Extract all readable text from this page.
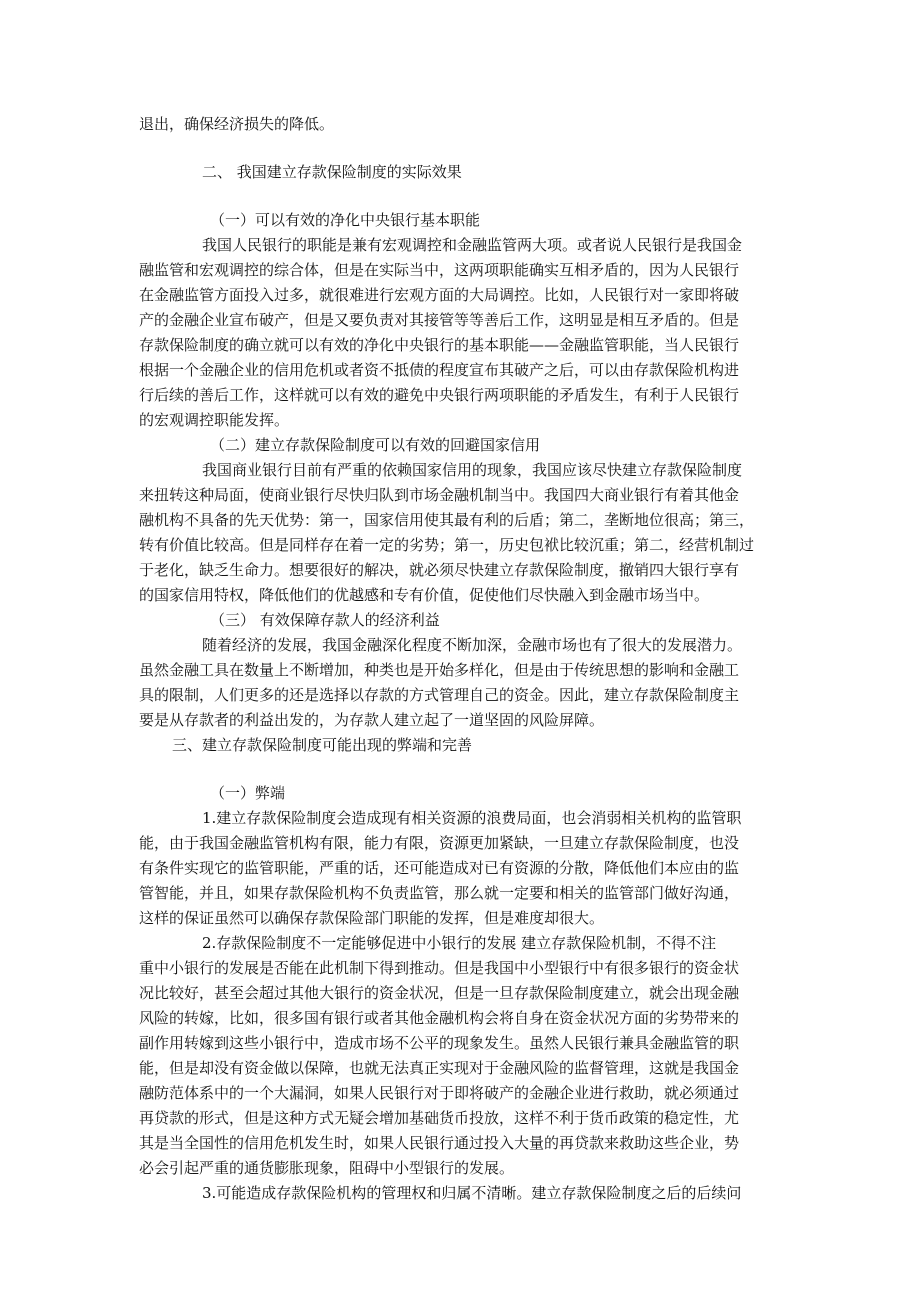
退出，确保经济损失的降低。
二、 我国建立存款保险制度的实际效果
（一）可以有效的净化中央银行基本职能
我国人民银行的职能是兼有宏观调控和金融监管两大项。或者说人民银行是我国金
融监管和宏观调控的综合体，但是在实际当中，这两项职能确实互相矛盾的，因为人民银行
在金融监管方面投入过多，就很难进行宏观方面的大局调控。比如，人民银行对一家即将破
产的金融企业宣布破产，但是又要负责对其接管等等善后工作，这明显是相互矛盾的。但是
存款保险制度的确立就可以有效的净化中央银行的基本职能——金融监管职能，当人民银行
根据一个金融企业的信用危机或者资不抵债的程度宣布其破产之后，可以由存款保险机构进
行后续的善后工作，这样就可以有效的避免中央银行两项职能的矛盾发生，有利于人民银行
的宏观调控职能发挥。
（二）建立存款保险制度可以有效的回避国家信用
我国商业银行目前有严重的依赖国家信用的现象，我国应该尽快建立存款保险制度
来扭转这种局面，使商业银行尽快归队到市场金融机制当中。我国四大商业银行有着其他金
融机构不具备的先天优势：第一，国家信用使其最有利的后盾；第二，垄断地位很高；第三，
转有价值比较高。但是同样存在着一定的劣势；第一，历史包袱比较沉重；第二，经营机制过
于老化，缺乏生命力。想要很好的解决，就必须尽快建立存款保险制度，撤销四大银行享有
的国家信用特权，降低他们的优越感和专有价值，促使他们尽快融入到金融市场当中。
（三） 有效保障存款人的经济利益
随着经济的发展，我国金融深化程度不断加深，金融市场也有了很大的发展潜力。
虽然金融工具在数量上不断增加，种类也是开始多样化，但是由于传统思想的影响和金融工
具的限制，人们更多的还是选择以存款的方式管理自己的资金。因此，建立存款保险制度主
要是从存款者的利益出发的，为存款人建立起了一道坚固的风险屏障。
三、建立存款保险制度可能出现的弊端和完善
（一）弊端
1.建立存款保险制度会造成现有相关资源的浪费局面，也会消弱相关机构的监管职
能，由于我国金融监管机构有限，能力有限，资源更加紧缺，一旦建立存款保险制度，也没
有条件实现它的监管职能，严重的话，还可能造成对已有资源的分散，降低他们本应由的监
管智能，并且，如果存款保险机构不负责监管，那么就一定要和相关的监管部门做好沟通，
这样的保证虽然可以确保存款保险部门职能的发挥，但是难度却很大。
2.存款保险制度不一定能够促进中小银行的发展 建立存款保险机制，不得不注
重中小银行的发展是否能在此机制下得到推动。但是我国中小型银行中有很多银行的资金状
况比较好，甚至会超过其他大银行的资金状况，但是一旦存款保险制度建立，就会出现金融
风险的转嫁，比如，很多国有银行或者其他金融机构会将自身在资金状况方面的劣势带来的
副作用转嫁到这些小银行中，造成市场不公平的现象发生。虽然人民银行兼具金融监管的职
能，但是却没有资金做以保障，也就无法真正实现对于金融风险的监督管理，这就是我国金
融防范体系中的一个大漏洞，如果人民银行对于即将破产的金融企业进行救助，就必须通过
再贷款的形式，但是这种方式无疑会增加基础货币投放，这样不利于货币政策的稳定性，尤
其是当全国性的信用危机发生时，如果人民银行通过投入大量的再贷款来救助这些企业，势
必会引起严重的通货膨胀现象，阻碍中小型银行的发展。
3.可能造成存款保险机构的管理权和归属不清晰。建立存款保险制度之后的后续问
